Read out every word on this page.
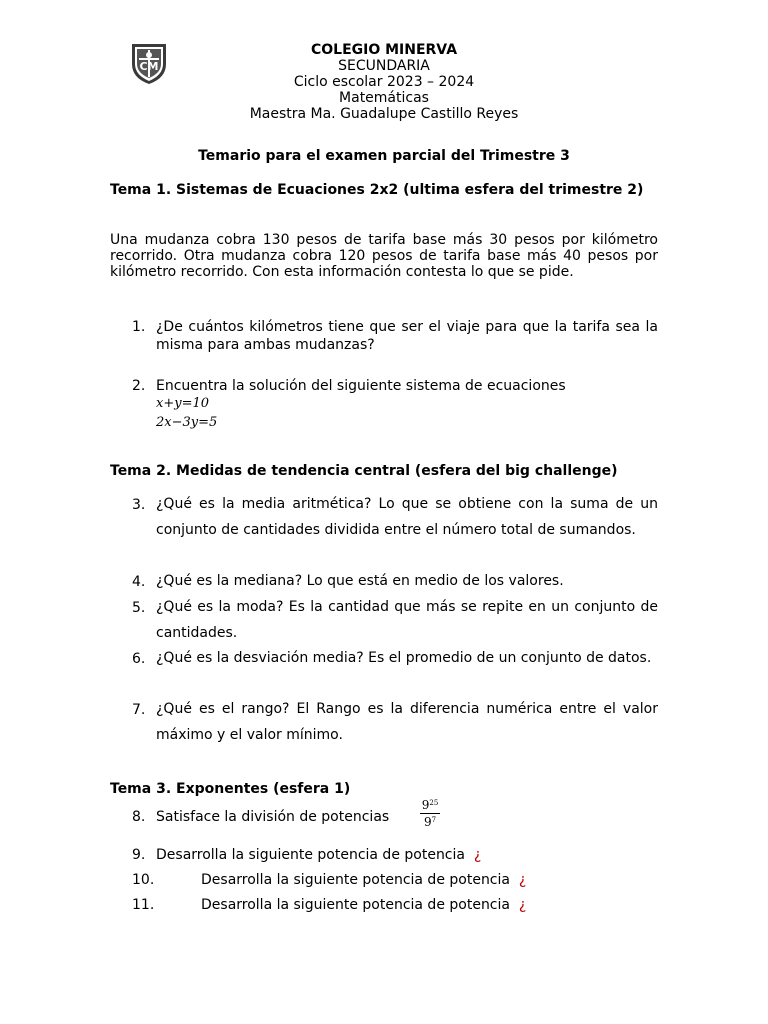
CM
COLEGIO MINERVA
SECUNDARIA
Ciclo escolar 2023 – 2024
Matemáticas
Maestra Ma. Guadalupe Castillo Reyes
Temario para el examen parcial del Trimestre 3
Tema 1. Sistemas de Ecuaciones 2x2 (ultima esfera del trimestre 2)
Una mudanza cobra 130 pesos de tarifa base más 30 pesos por kilómetro recorrido. Otra mudanza cobra 120 pesos de tarifa base más 40 pesos por kilómetro recorrido. Con esta información contesta lo que se pide.
1. ¿De cuántos kilómetros tiene que ser el viaje para que la tarifa sea la misma para ambas mudanzas?
2. Encuentra la solución del siguiente sistema de ecuaciones
x+y=10
2x−3y=5
Tema 2. Medidas de tendencia central (esfera del big challenge)
3. ¿Qué es la media aritmética? Lo que se obtiene con la suma de un conjunto de cantidades dividida entre el número total de sumandos.
4. ¿Qué es la mediana? Lo que está en medio de los valores.
5. ¿Qué es la moda? Es la cantidad que más se repite en un conjunto de cantidades.
6. ¿Qué es la desviación media? Es el promedio de un conjunto de datos.
7. ¿Qué es el rango? El Rango es la diferencia numérica entre el valor máximo y el valor mínimo.
Tema 3. Exponentes (esfera 1)
8. Satisface la división de potencias
$9^{25}$
$9^7$
9. Desarrolla la siguiente potencia de potencia ¿
10.	Desarrolla la siguiente potencia de potencia ¿
11.	Desarrolla la siguiente potencia de potencia ¿
